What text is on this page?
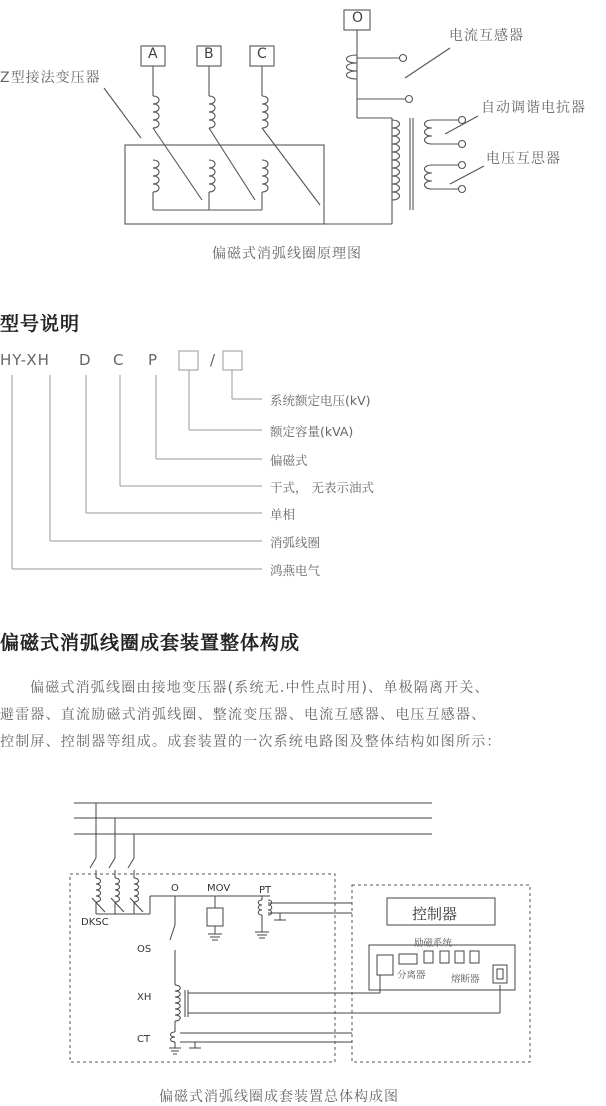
A	B	C
O
Z型接法变压器
电流互感器
自动调谐电抗器
电压互思器
偏磁式消弧线圈原理图
型号说明
HY-XH D C P	/
系统额定电压(kV)
额定容量(kVA)
偏磁式
干式， 无表示油式
单相
消弧线圈
鸿燕电气
偏磁式消弧线圈成套装置整体构成

偏磁式消弧线圈由接地变压器(系统无.中性点时用)、单极隔离开关、

避雷器、直流励磁式消弧线圈、整流变压器、电流互感器、电压互感器、

控制屏、控制器等组成。成套装置的一次系统电路图及整体结构如图所示：

DKSC
O	MOV	PT
OS
XH
CT
控制器
励磁系统
分离器	熔断器
偏磁式消弧线圈成套装置总体构成图
